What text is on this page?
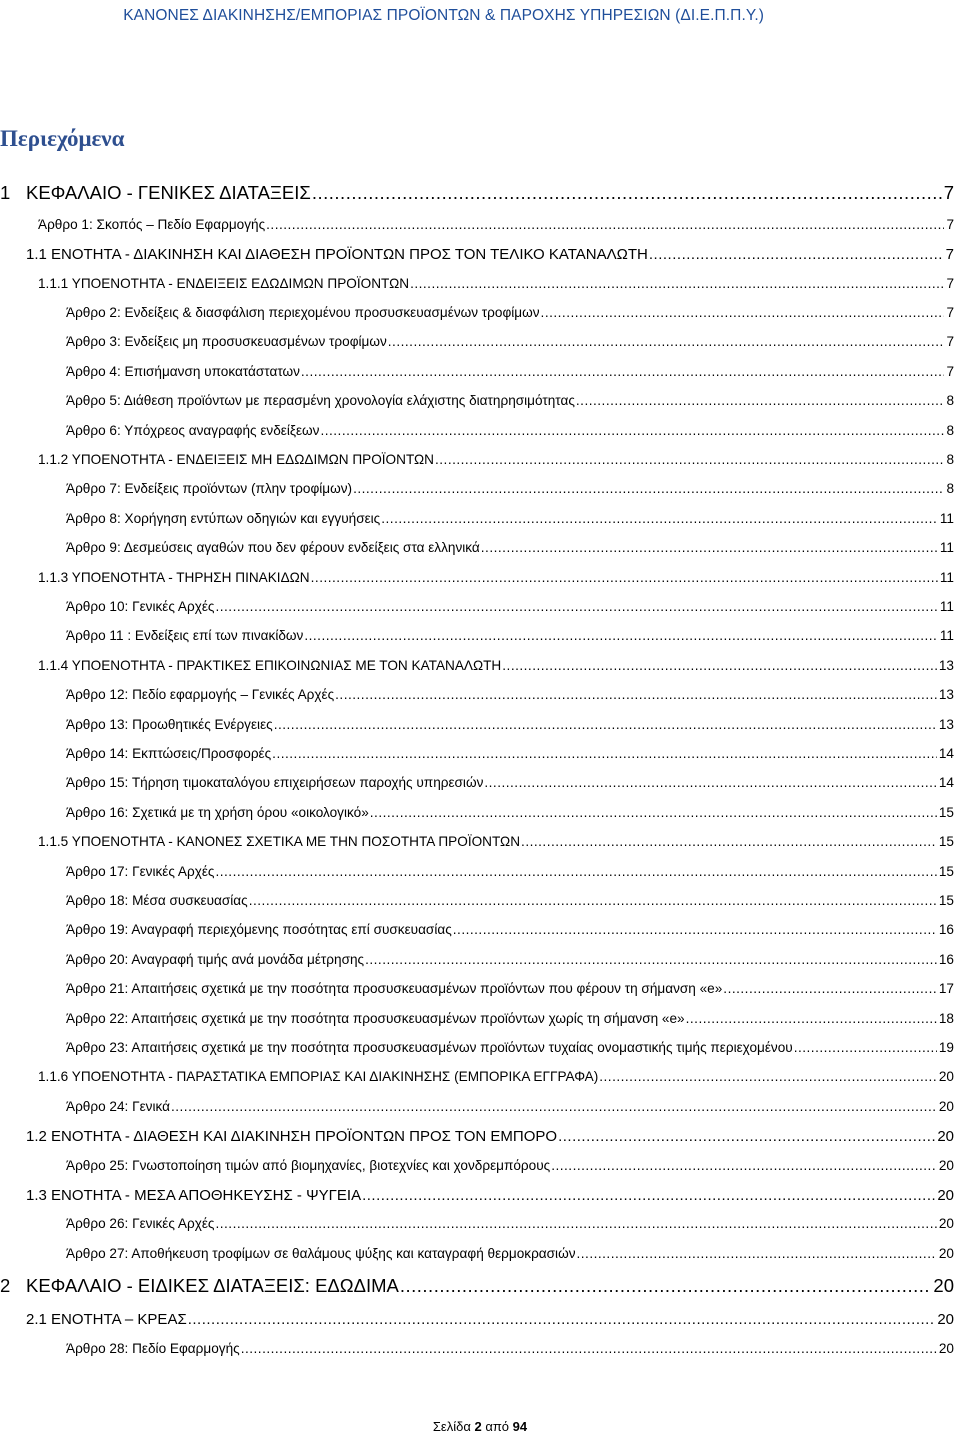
ΚΑΝΟΝΕΣ ΔΙΑΚΙΝΗΣΗΣ/ΕΜΠΟΡΙΑΣ ΠΡΟΪΟΝΤΩΝ & ΠΑΡΟΧΗΣ ΥΠΗΡΕΣΙΩΝ (ΔΙ.Ε.Π.Π.Υ.)
Περιεχόμενα
1 ΚΕΦΑΛΑΙΟ - ΓΕΝΙΚΕΣ ΔΙΑΤΑΞΕΙΣ .....	7
Άρθρο 1: Σκοπός – Πεδίο Εφαρμογής .....	7
1.1 ΕΝΟΤΗΤΑ - ΔΙΑΚΙΝΗΣΗ ΚΑΙ ΔΙΑΘΕΣΗ ΠΡΟΪΟΝΤΩΝ ΠΡΟΣ ΤΟΝ ΤΕΛΙΚΟ ΚΑΤΑΝΑΛΩΤΗ .....	7
1.1.1 ΥΠΟΕΝΟΤΗΤΑ - ΕΝΔΕΙΞΕΙΣ ΕΔΩΔΙΜΩΝ ΠΡΟΪΟΝΤΩΝ .....	7
Άρθρο 2: Ενδείξεις & διασφάλιση περιεχομένου προσυσκευασμένων τροφίμων .....	7
Άρθρο 3: Ενδείξεις μη προσυσκευασμένων τροφίμων .....	7
Άρθρο 4: Επισήμανση υποκατάστατων .....	7
Άρθρο 5: Διάθεση προϊόντων με περασμένη χρονολογία ελάχιστης διατηρησιμότητας .....	8
Άρθρο 6: Υπόχρεος αναγραφής ενδείξεων .....	8
1.1.2 ΥΠΟΕΝΟΤΗΤΑ - ΕΝΔΕΙΞΕΙΣ ΜΗ ΕΔΩΔΙΜΩΝ ΠΡΟΪΟΝΤΩΝ .....	8
Άρθρο 7: Ενδείξεις προϊόντων (πλην τροφίμων) .....	8
Άρθρο 8: Χορήγηση εντύπων οδηγιών και εγγυήσεις .....	11
Άρθρο 9: Δεσμεύσεις αγαθών που δεν φέρουν ενδείξεις στα ελληνικά .....	11
1.1.3 ΥΠΟΕΝΟΤΗΤΑ - ΤΗΡΗΣΗ ΠΙΝΑΚΙΔΩΝ .....	11
Άρθρο 10: Γενικές Αρχές .....	11
Άρθρο 11 : Ενδείξεις επί των πινακίδων .....	11
1.1.4 ΥΠΟΕΝΟΤΗΤΑ - ΠΡΑΚΤΙΚΕΣ ΕΠΙΚΟΙΝΩΝΙΑΣ ΜΕ ΤΟΝ ΚΑΤΑΝΑΛΩΤΗ .....	13
Άρθρο 12: Πεδίο εφαρμογής – Γενικές Αρχές .....	13
Άρθρο 13: Προωθητικές Ενέργειες .....	13
Άρθρο 14: Εκπτώσεις/Προσφορές .....	14
Άρθρο 15: Τήρηση τιμοκαταλόγου επιχειρήσεων παροχής υπηρεσιών .....	14
Άρθρο 16: Σχετικά με τη χρήση όρου «οικολογικό» .....	15
1.1.5 ΥΠΟΕΝΟΤΗΤΑ - ΚΑΝΟΝΕΣ ΣΧΕΤΙΚΑ ΜΕ ΤΗΝ ΠΟΣΟΤΗΤΑ ΠΡΟΪΟΝΤΩΝ .....	15
Άρθρο 17: Γενικές Αρχές .....	15
Άρθρο 18: Μέσα συσκευασίας .....	15
Άρθρο 19: Αναγραφή περιεχόμενης ποσότητας επί συσκευασίας .....	16
Άρθρο 20: Αναγραφή τιμής ανά μονάδα μέτρησης .....	16
Άρθρο 21: Απαιτήσεις σχετικά με την ποσότητα προσυσκευασμένων προϊόντων που φέρουν τη σήμανση «e» .....	17
Άρθρο 22: Απαιτήσεις σχετικά με την ποσότητα προσυσκευασμένων προϊόντων χωρίς τη σήμανση «e» .....	18
Άρθρο 23: Απαιτήσεις σχετικά με την ποσότητα προσυσκευασμένων προϊόντων τυχαίας ονομαστικής τιμής περιεχομένου .....	19
1.1.6 ΥΠΟΕΝΟΤΗΤΑ - ΠΑΡΑΣΤΑΤΙΚΑ ΕΜΠΟΡΙΑΣ ΚΑΙ ΔΙΑΚΙΝΗΣΗΣ (ΕΜΠΟΡΙΚΑ ΕΓΓΡΑΦΑ) .....	20
Άρθρο 24: Γενικά .....	20
1.2 ΕΝΟΤΗΤΑ - ΔΙΑΘΕΣΗ ΚΑΙ ΔΙΑΚΙΝΗΣΗ ΠΡΟΪΟΝΤΩΝ ΠΡΟΣ ΤΟΝ ΕΜΠΟΡΟ .....	20
Άρθρο 25: Γνωστοποίηση τιμών από βιομηχανίες, βιοτεχνίες και χονδρεμπόρους .....	20
1.3 ΕΝΟΤΗΤΑ - ΜΕΣΑ ΑΠΟΘΗΚΕΥΣΗΣ - ΨΥΓΕΙΑ .....	20
Άρθρο 26: Γενικές Αρχές .....	20
Άρθρο 27: Αποθήκευση τροφίμων σε θαλάμους ψύξης και καταγραφή θερμοκρασιών .....	20
2 ΚΕΦΑΛΑΙΟ - ΕΙΔΙΚΕΣ ΔΙΑΤΑΞΕΙΣ: ΕΔΩΔΙΜΑ .....	20
2.1 ΕΝΟΤΗΤΑ – ΚΡΕΑΣ .....	20
Άρθρο 28: Πεδίο Εφαρμογής .....	20
Σελίδα 2 από 94
